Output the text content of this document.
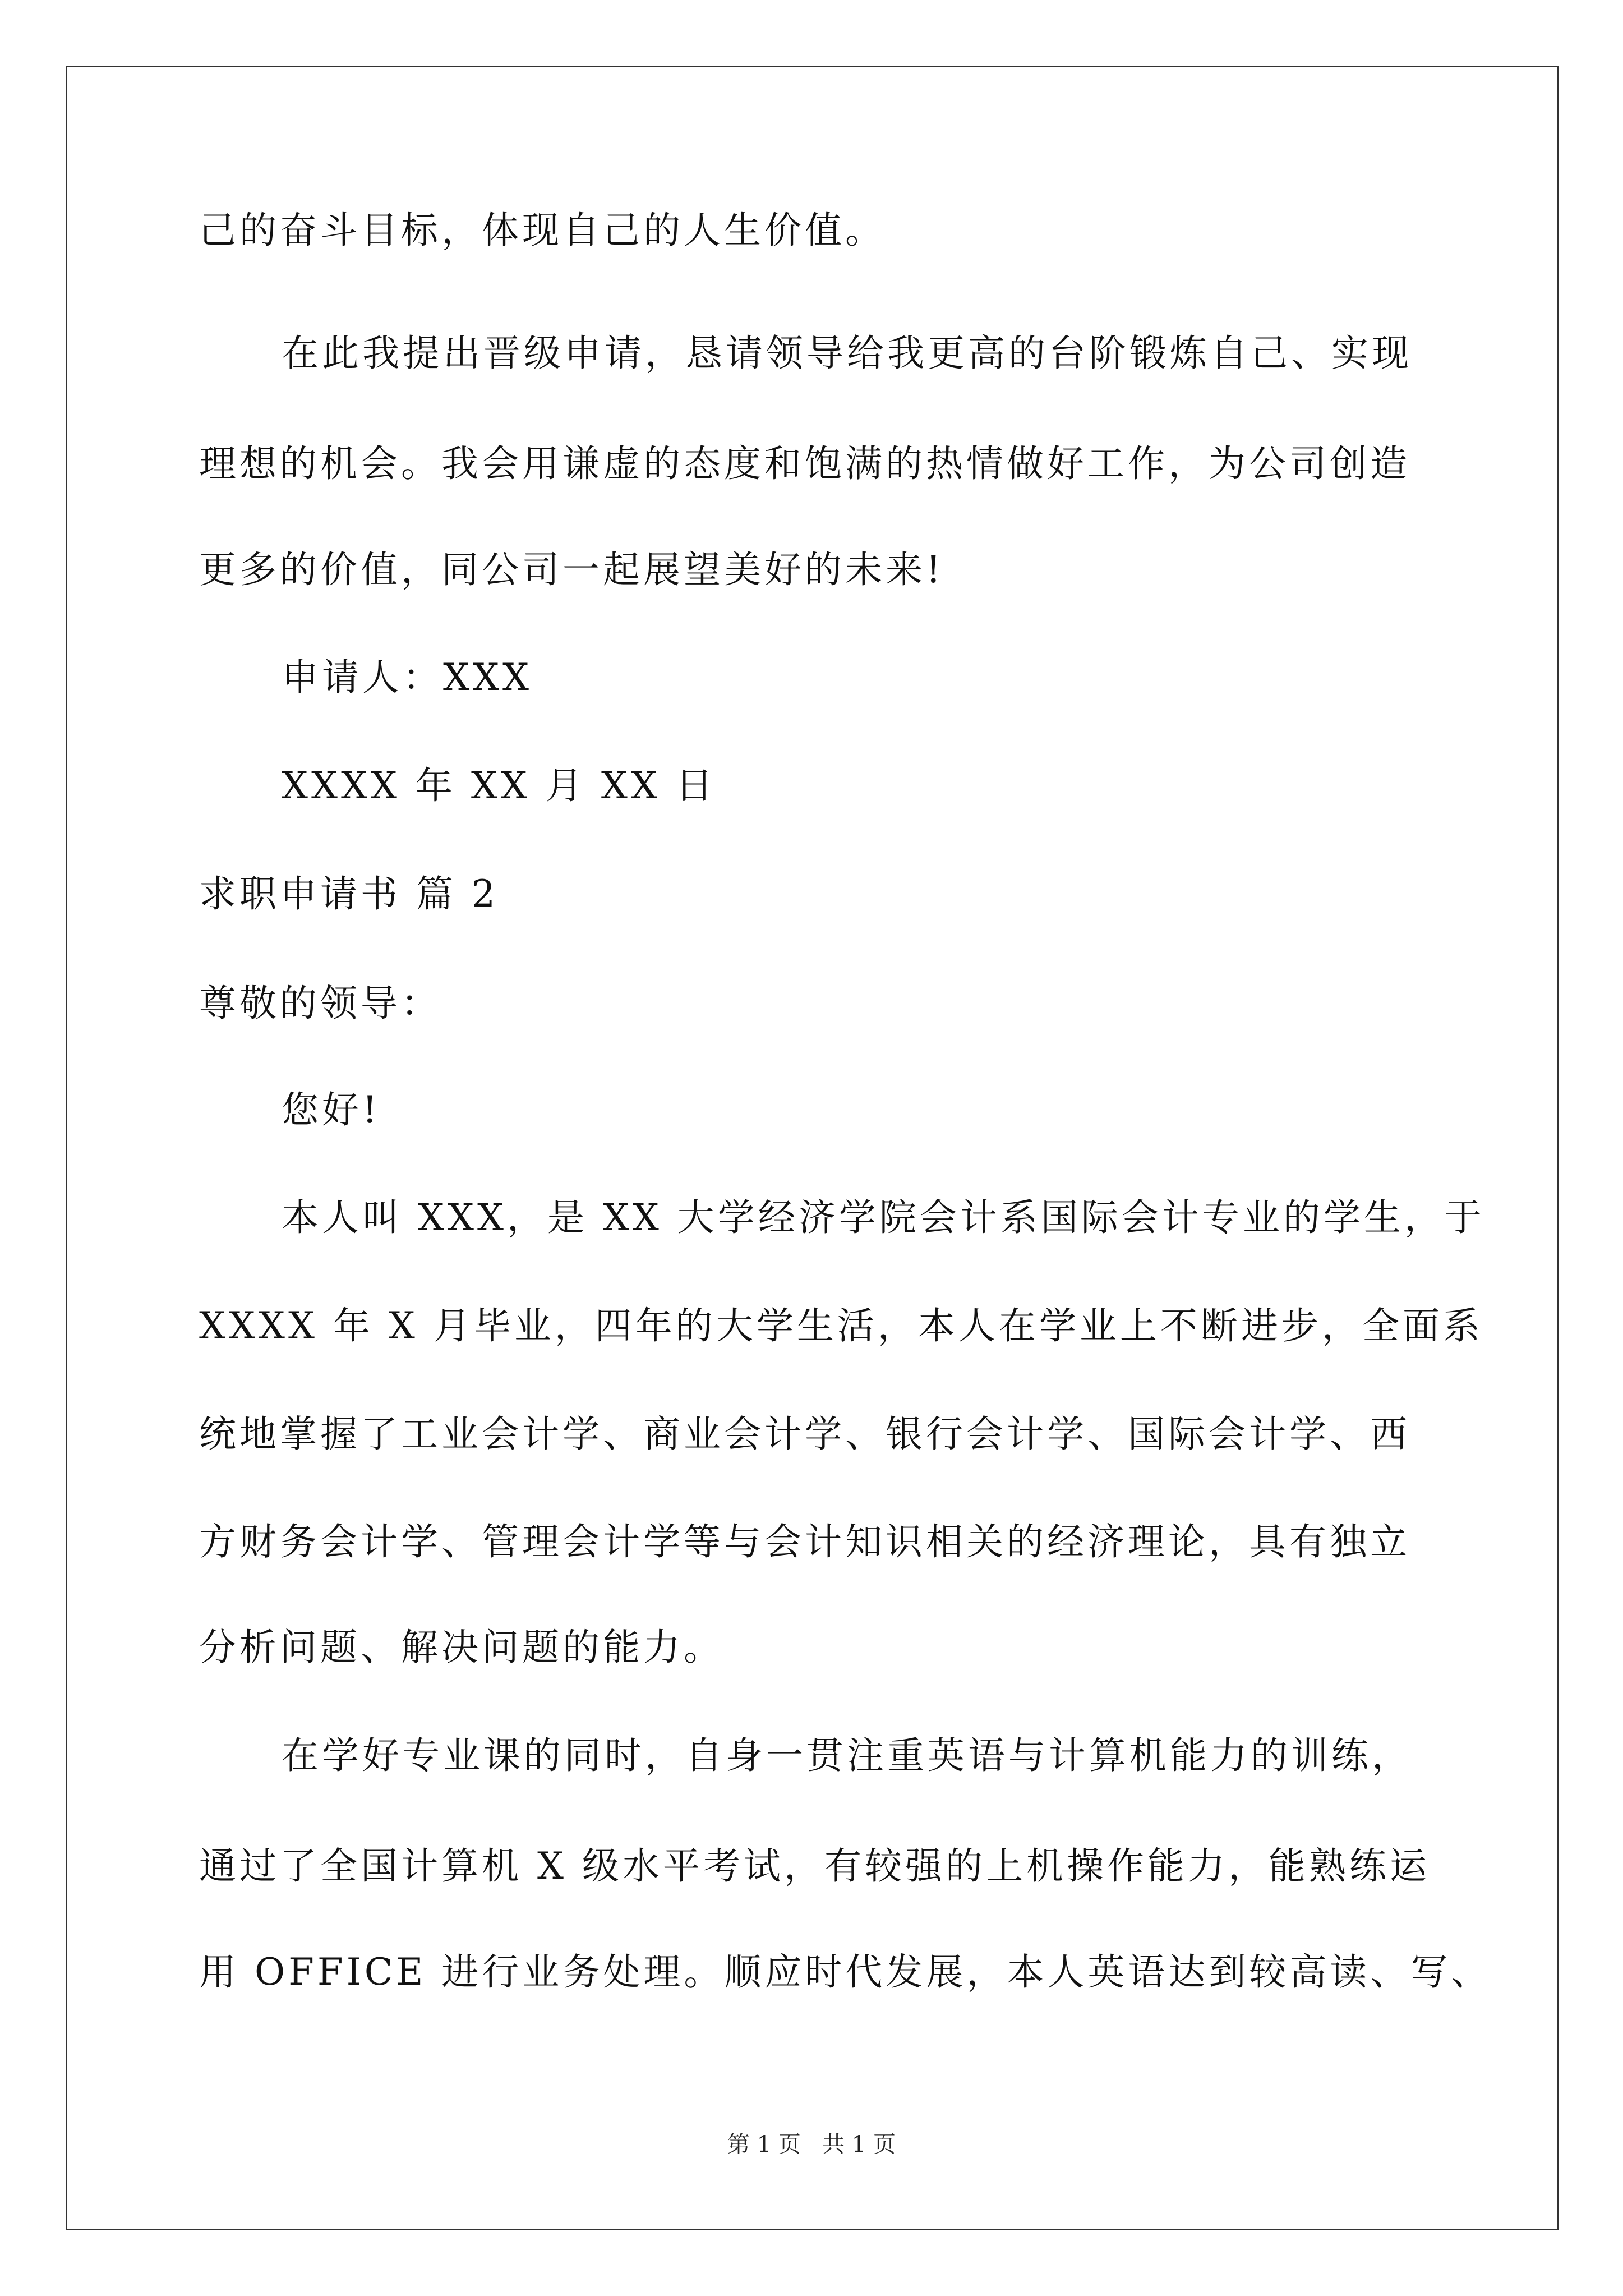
己的奋斗目标，体现自己的人生价值。
在此我提出晋级申请，恳请领导给我更高的台阶锻炼自己、实现
理想的机会。我会用谦虚的态度和饱满的热情做好工作，为公司创造
更多的价值，同公司一起展望美好的未来!
申请人：XXX
XXXX 年 XX 月 XX 日
求职申请书 篇 2
尊敬的领导：
您好!
本人叫 XXX，是 XX 大学经济学院会计系国际会计专业的学生，于
XXXX 年 X 月毕业，四年的大学生活，本人在学业上不断进步，全面系
统地掌握了工业会计学、商业会计学、银行会计学、国际会计学、西
方财务会计学、管理会计学等与会计知识相关的经济理论，具有独立
分析问题、解决问题的能力。
在学好专业课的同时，自身一贯注重英语与计算机能力的训练，
通过了全国计算机 X 级水平考试，有较强的上机操作能力，能熟练运
用 OFFICE 进行业务处理。顺应时代发展，本人英语达到较高读、写、
第 1 页   共 1 页
